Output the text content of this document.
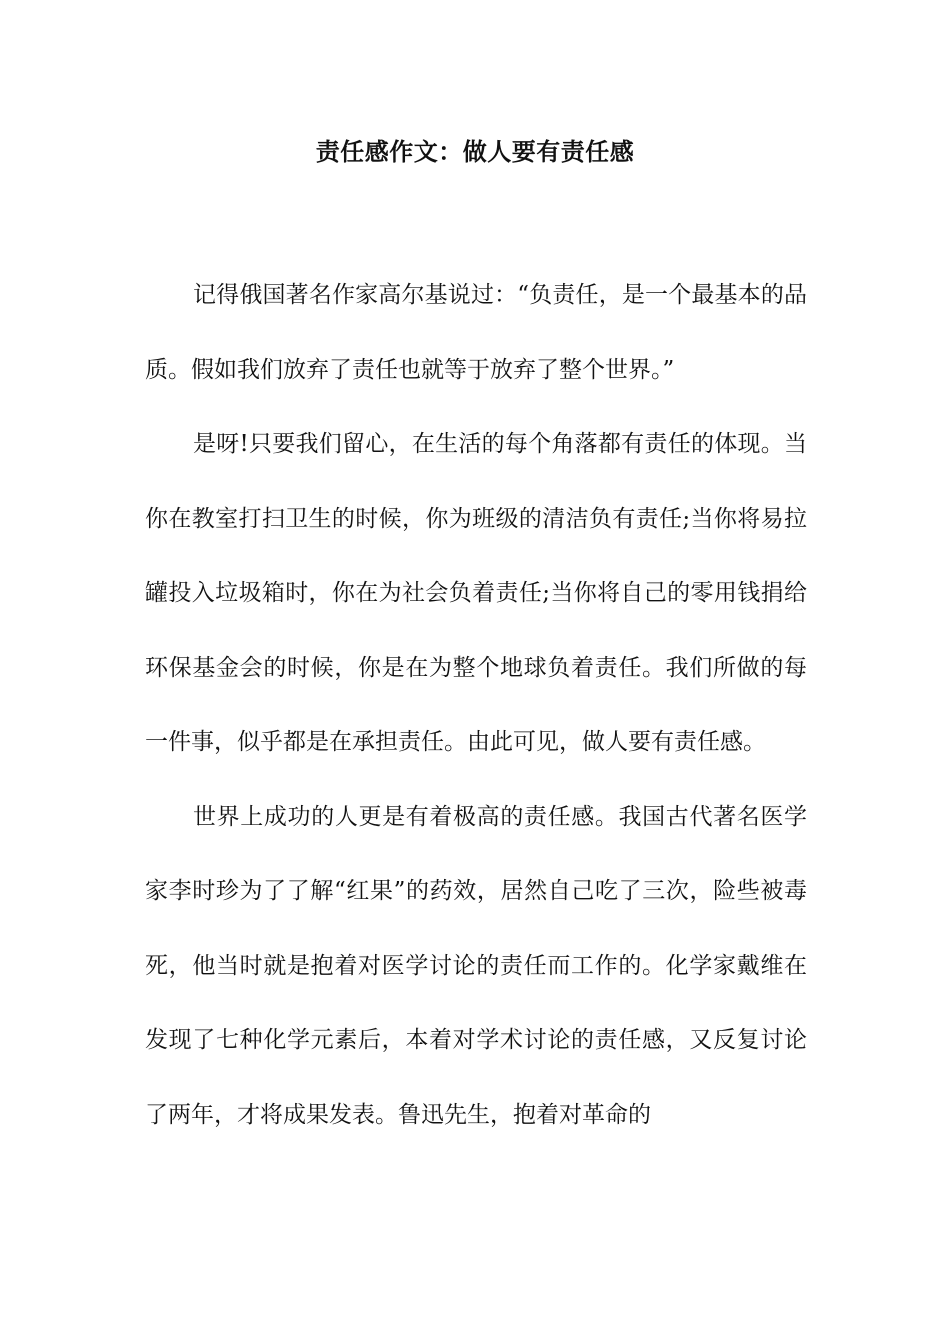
责任感作文：做人要有责任感

记得俄国著名作家高尔基说过：“负责任，是一个最基本的品质。假如我们放弃了责任也就等于放弃了整个世界。”

是呀!只要我们留心，在生活的每个角落都有责任的体现。当你在教室打扫卫生的时候，你为班级的清洁负有责任;当你将易拉罐投入垃圾箱时，你在为社会负着责任;当你将自己的零用钱捐给环保基金会的时候，你是在为整个地球负着责任。我们所做的每一件事，似乎都是在承担责任。由此可见，做人要有责任感。

世界上成功的人更是有着极高的责任感。我国古代著名医学家李时珍为了了解“红果”的药效，居然自己吃了三次，险些被毒死，他当时就是抱着对医学讨论的责任而工作的。化学家戴维在发现了七种化学元素后，本着对学术讨论的责任感，又反复讨论了两年，才将成果发表。鲁迅先生，抱着对革命的
